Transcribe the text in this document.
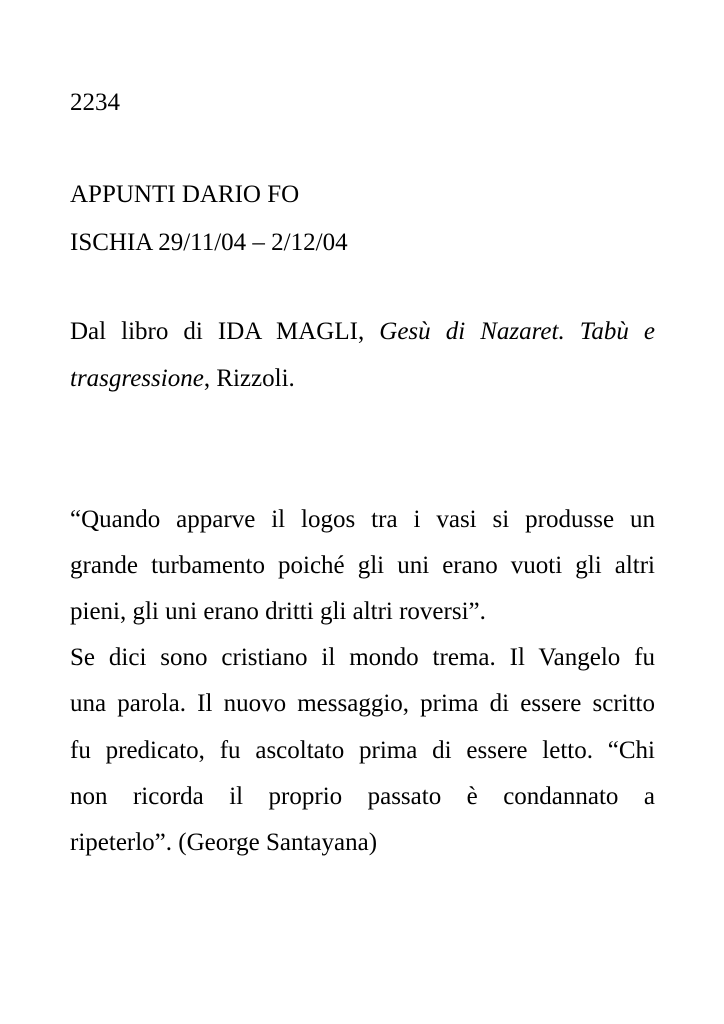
2234
APPUNTI DARIO FO
ISCHIA 29/11/04 – 2/12/04
Dal libro di IDA MAGLI, Gesù di Nazaret. Tabù e
trasgressione, Rizzoli.
“Quando apparve il logos tra i vasi si produsse un
grande turbamento poiché gli uni erano vuoti gli altri
pieni, gli uni erano dritti gli altri roversi”.
Se dici sono cristiano il mondo trema. Il Vangelo fu
una parola. Il nuovo messaggio, prima di essere scritto
fu predicato, fu ascoltato prima di essere letto. “Chi
non ricorda il proprio passato è condannato a
ripeterlo”. (George Santayana)
